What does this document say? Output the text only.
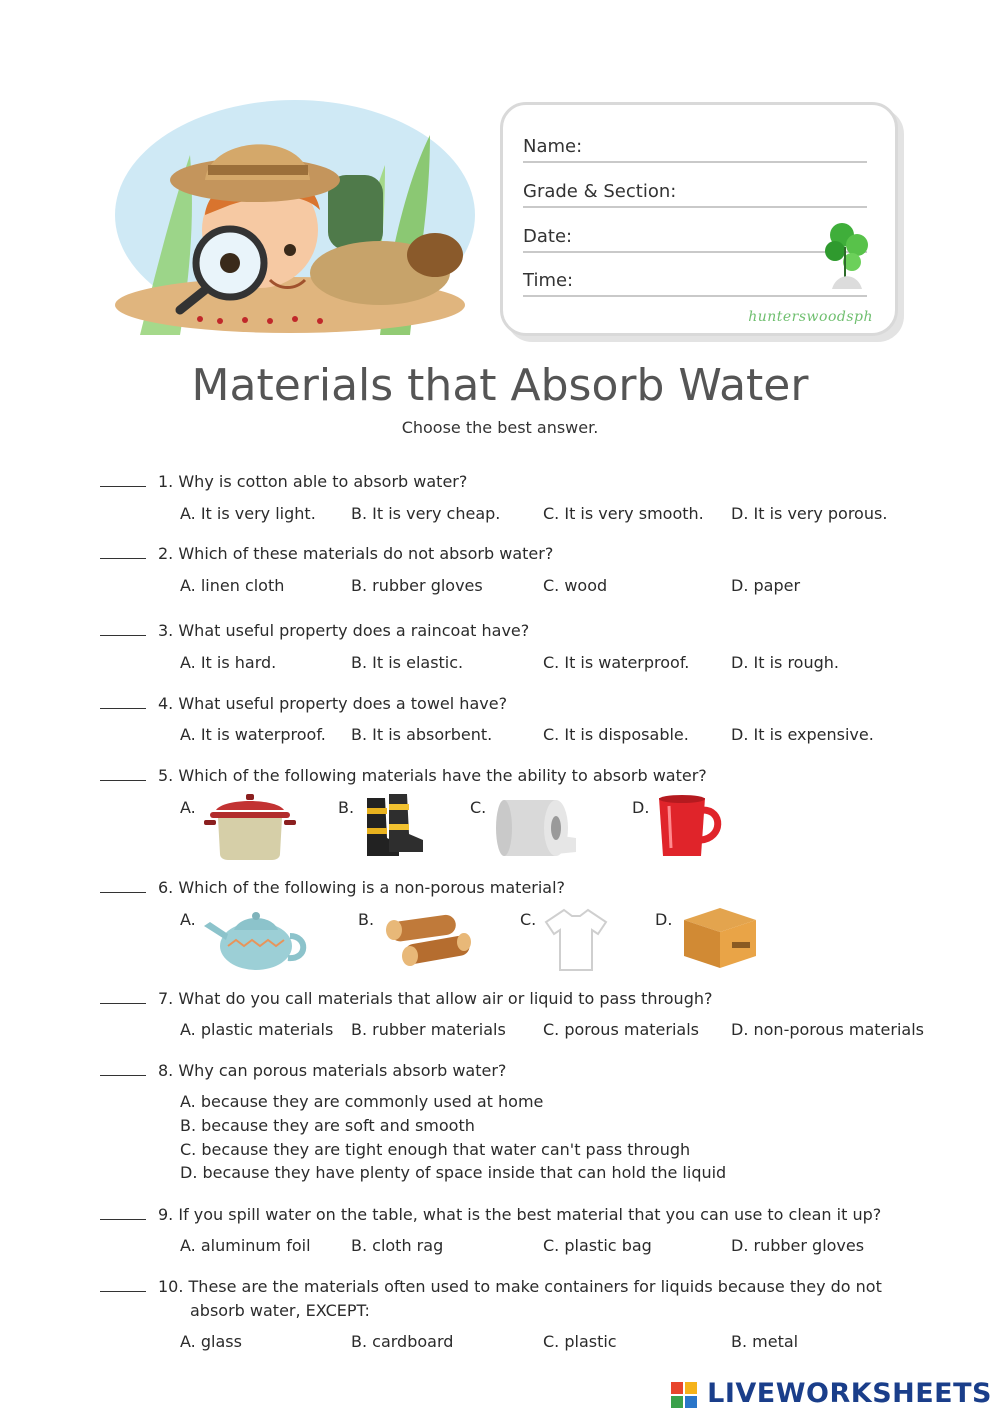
Name:
Grade & Section:
Date:
Time:
hunterswoodsph
Materials that Absorb Water
Choose the best answer.
1. Why is cotton able to absorb water?
A. It is very light. B. It is very cheap.	C. It is very smooth. D. It is very porous.
2. Which of these materials do not absorb water?
A. linen cloth	B. rubber gloves	C. wood	D. paper
3. What useful property does a raincoat have?
A. It is hard.	B. It is elastic.	C. It is waterproof.	D. It is rough.
4. What useful property does a towel have?
A. It is waterproof. B. It is absorbent.	C. It is disposable.	D. It is expensive.
5. Which of the following materials have the ability to absorb water?
A.	B.	C.	D.
6. Which of the following is a non-porous material?
A.	B.	C.	D.
7. What do you call materials that allow air or liquid to pass through?
A. plastic materials B. rubber materials C. porous materials D. non-porous materials
8. Why can porous materials absorb water?
A. because they are commonly used at home
B. because they are soft and smooth
C. because they are tight enough that water can't pass through
D. because they have plenty of space inside that can hold the liquid
9. If you spill water on the table, what is the best material that you can use to clean it up?
A. aluminum foil	B. cloth rag	C. plastic bag	D. rubber gloves
10. These are the materials often used to make containers for liquids because they do not
absorb water, EXCEPT:
A. glass	B. cardboard	C. plastic	B. metal
LIVEWORKSHEETS
